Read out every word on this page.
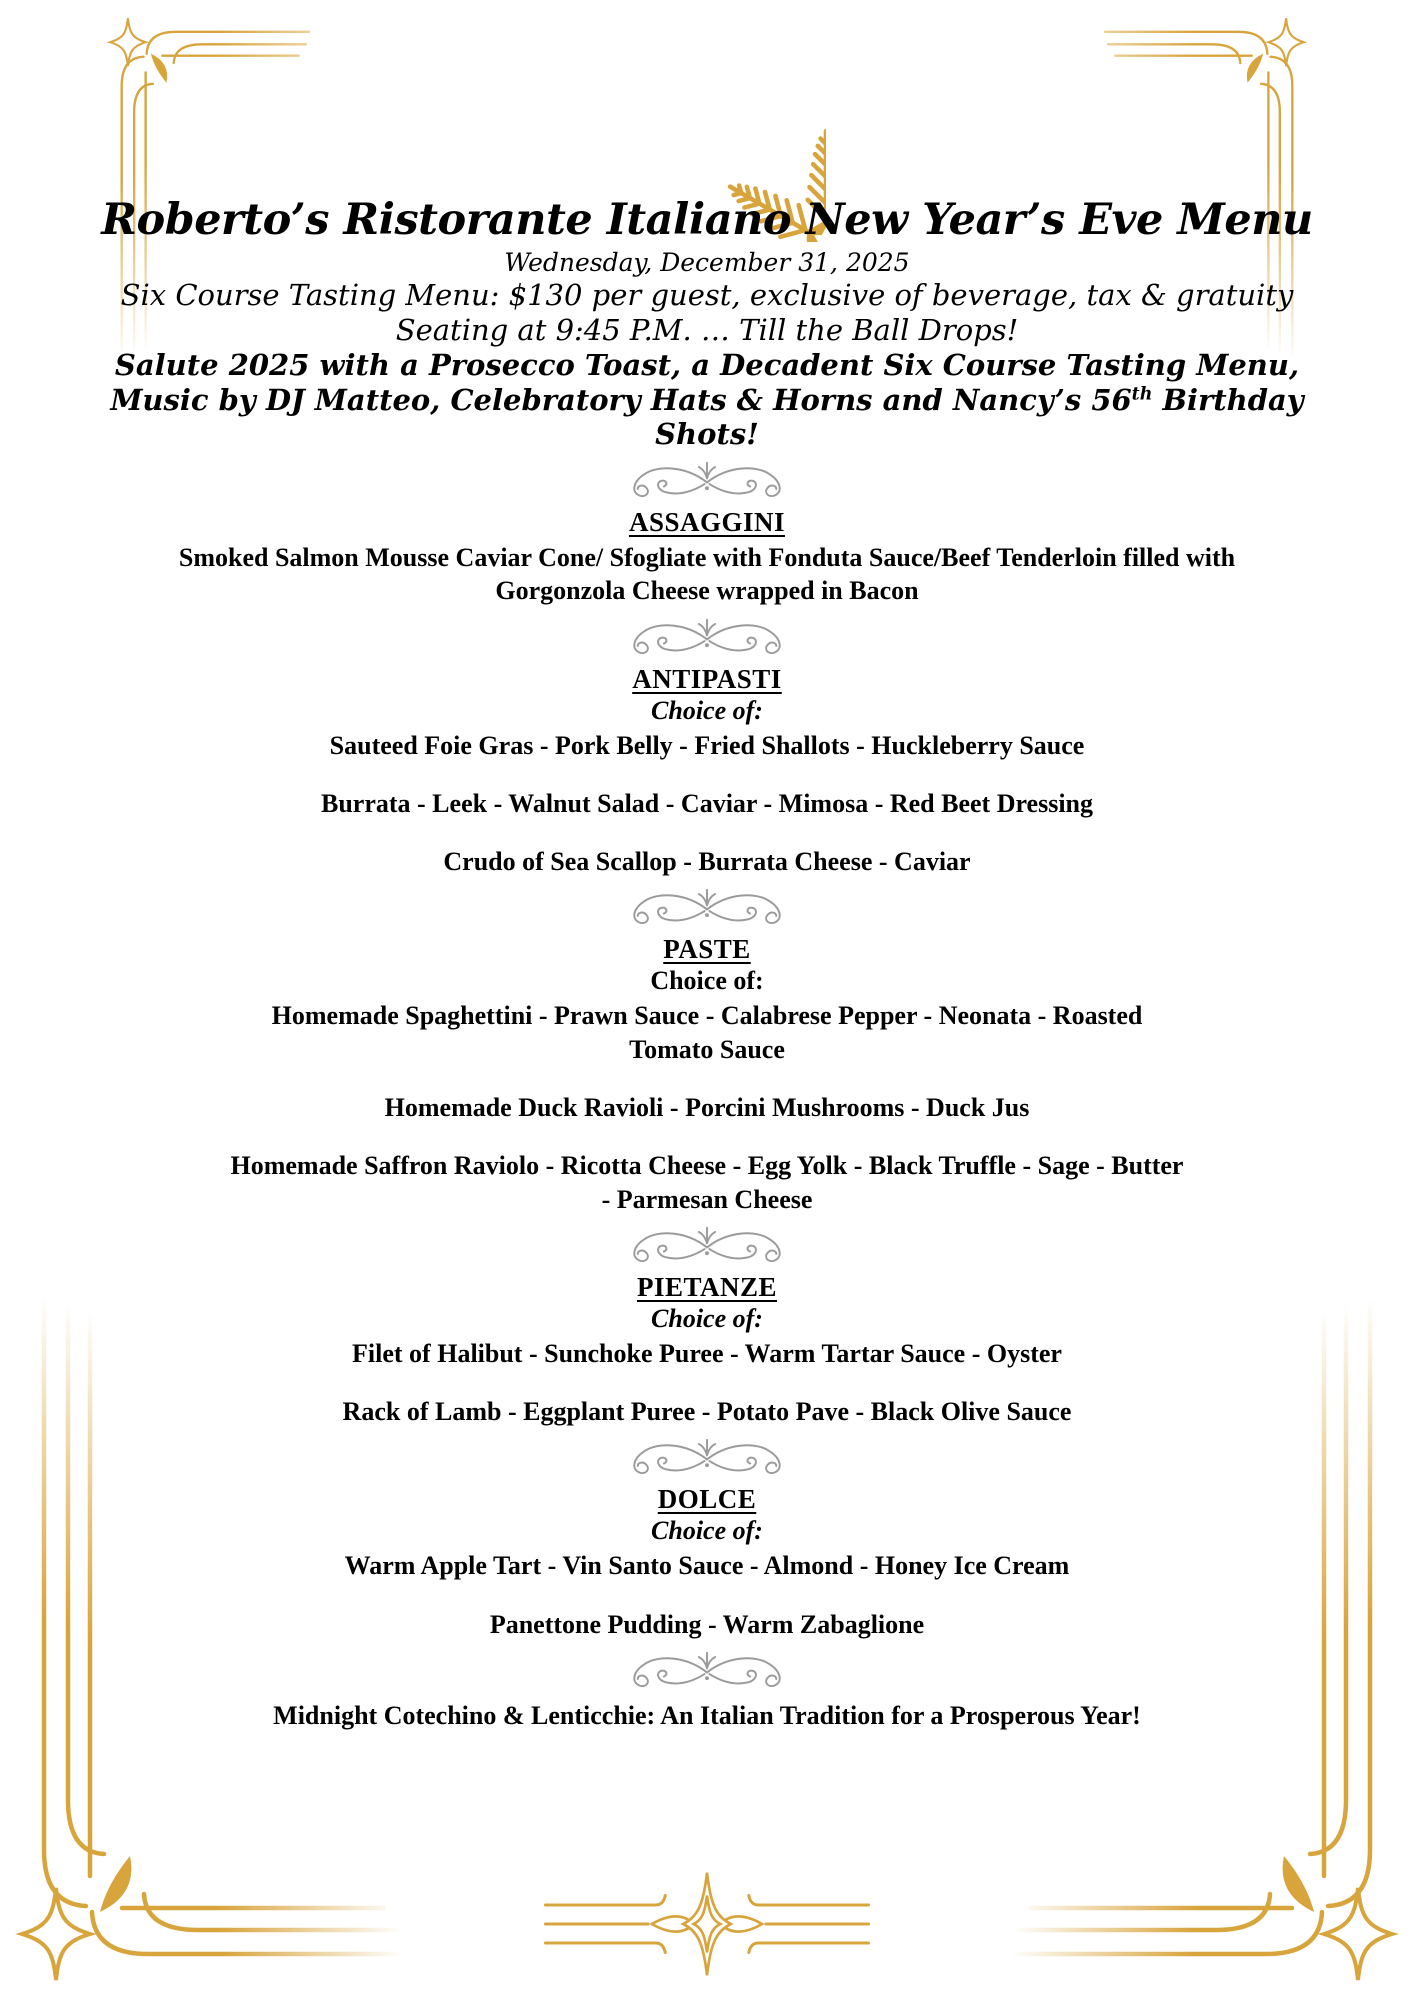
Roberto’s Ristorante Italiano New Year’s Eve Menu

Wednesday, December 31, 2025

Six Course Tasting Menu: $130 per guest, exclusive of beverage, tax & gratuity

Seating at 9:45 P.M. … Till the Ball Drops!

Salute 2025 with a Prosecco Toast, a Decadent Six Course Tasting Menu,

Music by DJ Matteo, Celebratory Hats & Horns and Nancy’s 56th Birthday Shots!

ASSAGGINI

Smoked Salmon Mousse Caviar Cone/ Sfogliate with Fonduta Sauce/Beef Tenderloin filled with Gorgonzola Cheese wrapped in Bacon

ANTIPASTI

Choice of:

Sauteed Foie Gras - Pork Belly - Fried Shallots - Huckleberry Sauce

Burrata - Leek - Walnut Salad - Caviar - Mimosa - Red Beet Dressing

Crudo of Sea Scallop - Burrata Cheese - Caviar

PASTE

Choice of:

Homemade Spaghettini - Prawn Sauce - Calabrese Pepper - Neonata - Roasted Tomato Sauce

Homemade Duck Ravioli - Porcini Mushrooms - Duck Jus

Homemade Saffron Raviolo - Ricotta Cheese - Egg Yolk - Black Truffle - Sage - Butter - Parmesan Cheese

PIETANZE

Choice of:

Filet of Halibut - Sunchoke Puree - Warm Tartar Sauce - Oyster

Rack of Lamb - Eggplant Puree - Potato Pave - Black Olive Sauce

DOLCE

Choice of:

Warm Apple Tart - Vin Santo Sauce - Almond - Honey Ice Cream

Panettone Pudding - Warm Zabaglione

Midnight Cotechino & Lenticchie: An Italian Tradition for a Prosperous Year!
